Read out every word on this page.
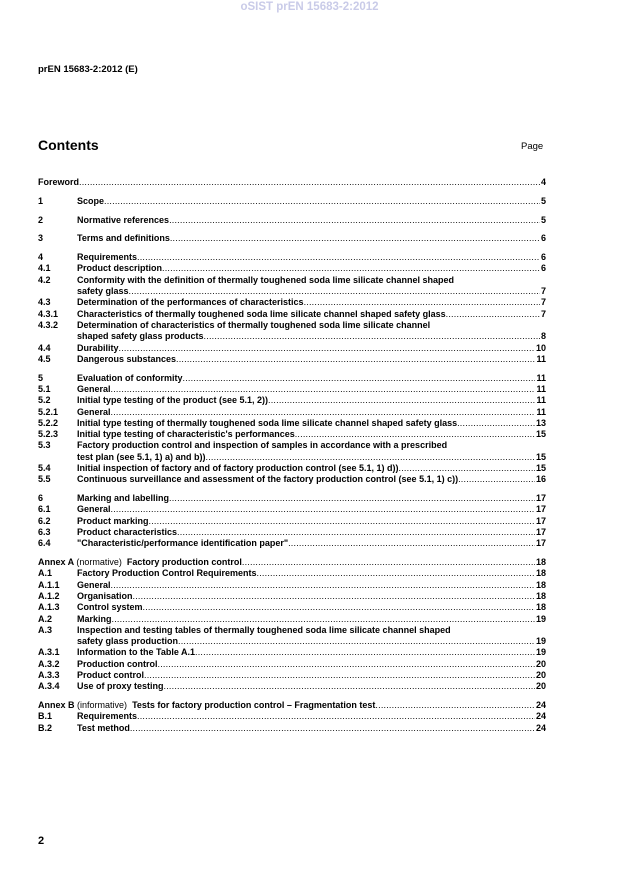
oSIST prEN 15683-2:2012
prEN 15683-2:2012 (E)
Contents	Page
Foreword .....	4
1	Scope .....	5
2	Normative references .....	5
3	Terms and definitions .....	6
4	Requirements .....	6
4.1	Product description .....	6
4.2	Conformity with the definition of thermally toughened soda lime silicate channel shaped
safety glass .....	7
4.3	Determination of the performances of characteristics .....	7
4.3.1	Characteristics of thermally toughened soda lime silicate channel shaped safety glass .....	7
4.3.2	Determination of characteristics of thermally toughened soda lime silicate channel
shaped safety glass products .....	8
4.4	Durability .....	10
4.5	Dangerous substances .....	11
5	Evaluation of conformity .....	11
5.1	General .....	11
5.2	Initial type testing of the product (see 5.1, 2)) .....	11
5.2.1	General .....	11
5.2.2	Initial type testing of thermally toughened soda lime silicate channel shaped safety glass .....	13
5.2.3	Initial type testing of characteristic's performances .....	15
5.3	Factory production control and inspection of samples in accordance with a prescribed
test plan (see 5.1, 1) a) and b)) .....	15
5.4	Initial inspection of factory and of factory production control (see 5.1, 1) d)) .....	15
5.5	Continuous surveillance and assessment of the factory production control (see 5.1, 1) c)) .....	16
6	Marking and labelling .....	17
6.1	General .....	17
6.2	Product marking .....	17
6.3	Product characteristics .....	17
6.4	"Characteristic/performance identification paper" .....	17
Annex A (normative) Factory production control .....	18
A.1	Factory Production Control Requirements .....	18
A.1.1	General .....	18
A.1.2	Organisation .....	18
A.1.3	Control system .....	18
A.2	Marking .....	19
A.3	Inspection and testing tables of thermally toughened soda lime silicate channel shaped
safety glass production .....	19
A.3.1	Information to the Table A.1 .....	19
A.3.2	Production control .....	20
A.3.3	Product control .....	20
A.3.4	Use of proxy testing .....	20
Annex B (informative) Tests for factory production control – Fragmentation test .....	24
B.1	Requirements .....	24
B.2	Test method .....	24
2
